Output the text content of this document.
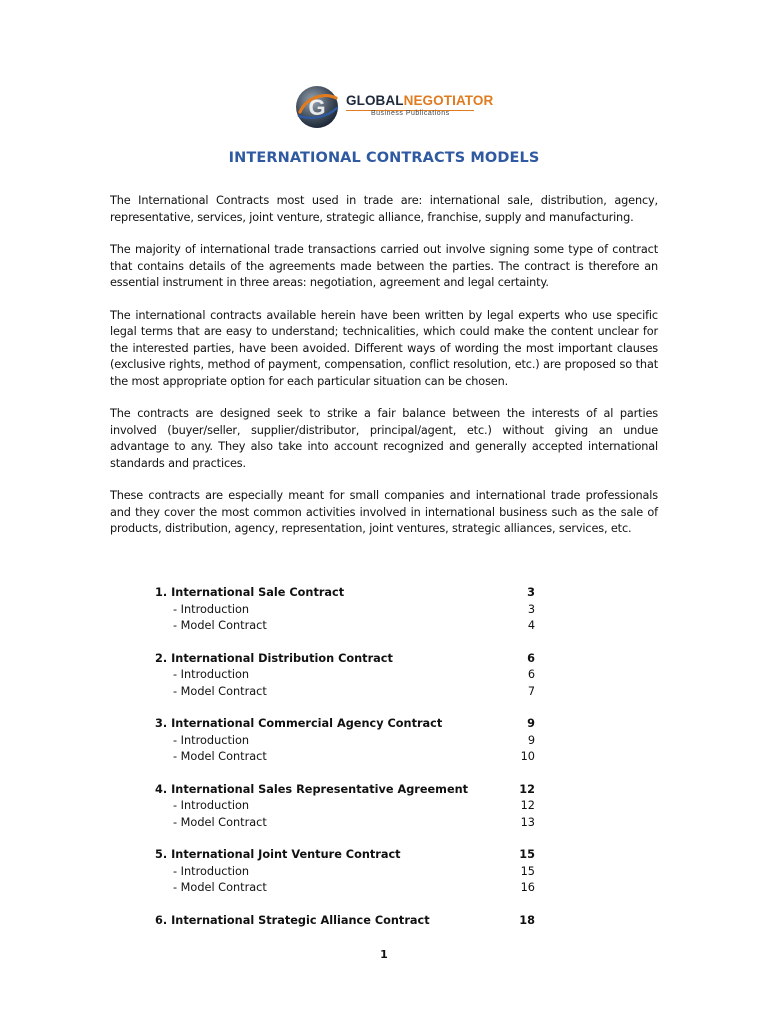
G GLOBALNEGOTIATOR
Business Publications
INTERNATIONAL CONTRACTS MODELS

The International Contracts most used in trade are: international sale, distribution, agency, representative, services, joint venture, strategic alliance, franchise, supply and manufacturing.

The majority of international trade transactions carried out involve signing some type of contract that contains details of the agreements made between the parties. The contract is therefore an essential instrument in three areas: negotiation, agreement and legal certainty.

The international contracts available herein have been written by legal experts who use specific legal terms that are easy to understand; technicalities, which could make the content unclear for the interested parties, have been avoided. Different ways of wording the most important clauses (exclusive rights, method of payment, compensation, conflict resolution, etc.) are proposed so that the most appropriate option for each particular situation can be chosen.

The contracts are designed seek to strike a fair balance between the interests of al parties involved (buyer/seller, supplier/distributor, principal/agent, etc.) without giving an undue advantage to any. They also take into account recognized and generally accepted international standards and practices.

These contracts are especially meant for small companies and international trade professionals and they cover the most common activities involved in international business such as the sale of products, distribution, agency, representation, joint ventures, strategic alliances, services, etc.

1. International Sale Contract	3
- Introduction	3
- Model Contract	4
2. International Distribution Contract	6
- Introduction	6
- Model Contract	7
3. International Commercial Agency Contract	9
- Introduction	9
- Model Contract	10
4. International Sales Representative Agreement	12
- Introduction	12
- Model Contract	13
5. International Joint Venture Contract	15
- Introduction	15
- Model Contract	16
6. International Strategic Alliance Contract	18
1
